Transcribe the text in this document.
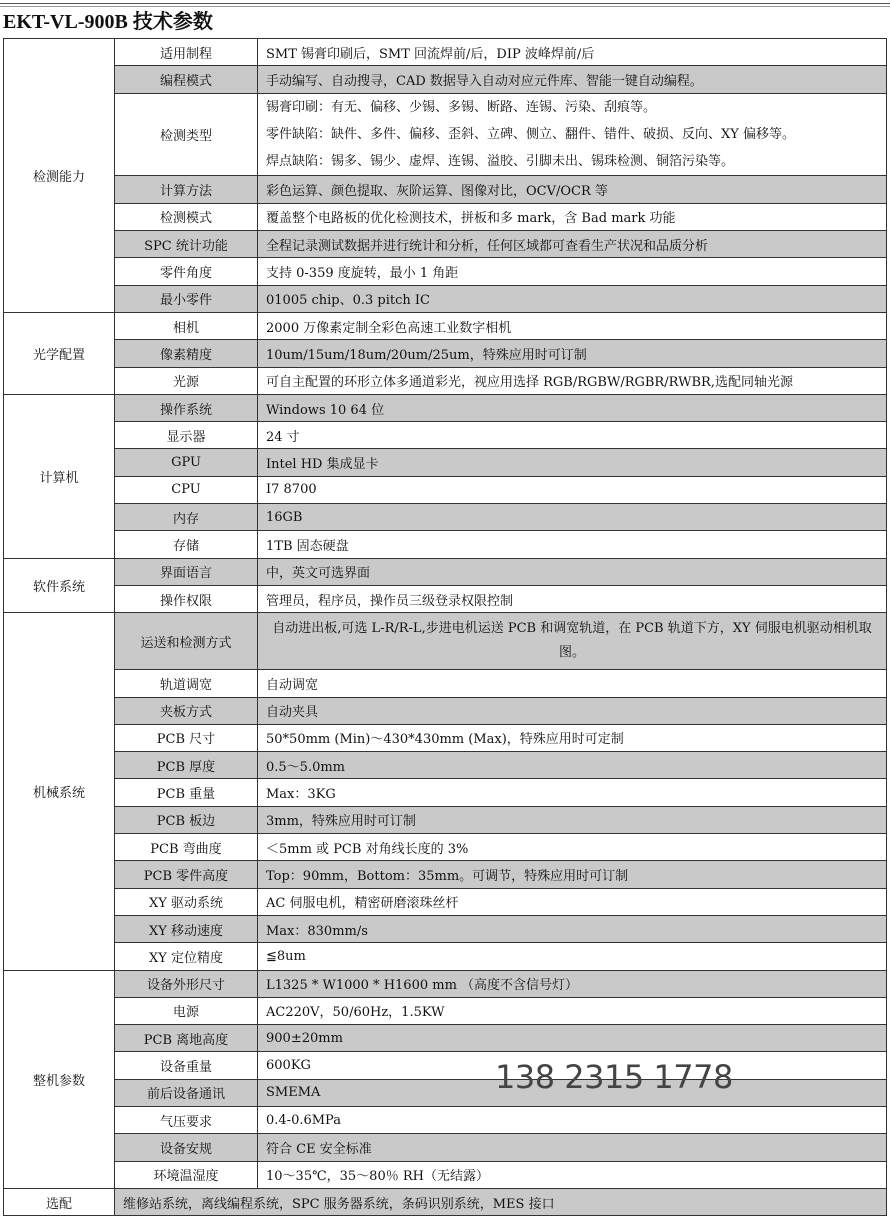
EKT-VL-900B 技术参数
检测能力	适用制程	SMT 锡膏印刷后，SMT 回流焊前/后，DIP 波峰焊前/后
	编程模式	手动编写、自动搜寻，CAD 数据导入自动对应元件库、智能一键自动编程。
	检测类型	锡膏印刷：有无、偏移、少锡、多锡、断路、连锡、污染、刮痕等。
零件缺陷：缺件、多件、偏移、歪斜、立碑、侧立、翻件、错件、破损、反向、XY 偏移等。
焊点缺陷：锡多、锡少、虚焊、连锡、溢胶、引脚未出、锡珠检测、铜箔污染等。

	计算方法	彩色运算、颜色提取、灰阶运算、图像对比，OCV/OCR 等
	检测模式	覆盖整个电路板的优化检测技术，拼板和多 mark，含 Bad mark 功能
	SPC 统计功能	全程记录测试数据并进行统计和分析，任何区域都可查看生产状况和品质分析
	零件角度	支持 0-359 度旋转，最小 1 角距
	最小零件	01005 chip、0.3 pitch IC
光学配置	相机	2000 万像素定制全彩色高速工业数字相机
	像素精度	10um/15um/18um/20um/25um，特殊应用时可订制
	光源	可自主配置的环形立体多通道彩光，视应用选择 RGB/RGBW/RGBR/RWBR,选配同轴光源
计算机	操作系统	Windows 10 64 位
	显示器	24 寸
	GPU	Intel HD 集成显卡
	CPU	I7 8700
	内存	16GB
	存储	1TB 固态硬盘
软件系统	界面语言	中，英文可选界面
	操作权限	管理员，程序员，操作员三级登录权限控制
机械系统	运送和检测方式	自动进出板,可选 L-R/R-L,步进电机运送 PCB 和调宽轨道，在 PCB 轨道下方，XY 伺服电机驱动相机取图。
	轨道调宽	自动调宽
	夹板方式	自动夹具
	PCB 尺寸	50*50mm (Min)～430*430mm (Max)，特殊应用时可定制
	PCB 厚度	0.5～5.0mm
	PCB 重量	Max：3KG
	PCB 板边	3mm，特殊应用时可订制
	PCB 弯曲度	＜5mm 或 PCB 对角线长度的 3%
	PCB 零件高度	Top：90mm，Bottom：35mm。可调节，特殊应用时可订制
	XY 驱动系统	AC 伺服电机，精密研磨滚珠丝杆
	XY 移动速度	Max：830mm/s
	XY 定位精度	≦8um
整机参数	设备外形尺寸	L1325 * W1000 * H1600 mm （高度不含信号灯）
	电源	AC220V，50/60Hz，1.5KW
	PCB 离地高度	900±20mm
	设备重量	600KG
	前后设备通讯	SMEMA
	气压要求	0.4-0.6MPa
	设备安规	符合 CE 安全标准
	环境温湿度	10～35℃，35～80％ RH（无结露）
选配	维修站系统，离线编程系统，SPC 服务器系统，条码识别系统，MES 接口	
138 2315 1778
